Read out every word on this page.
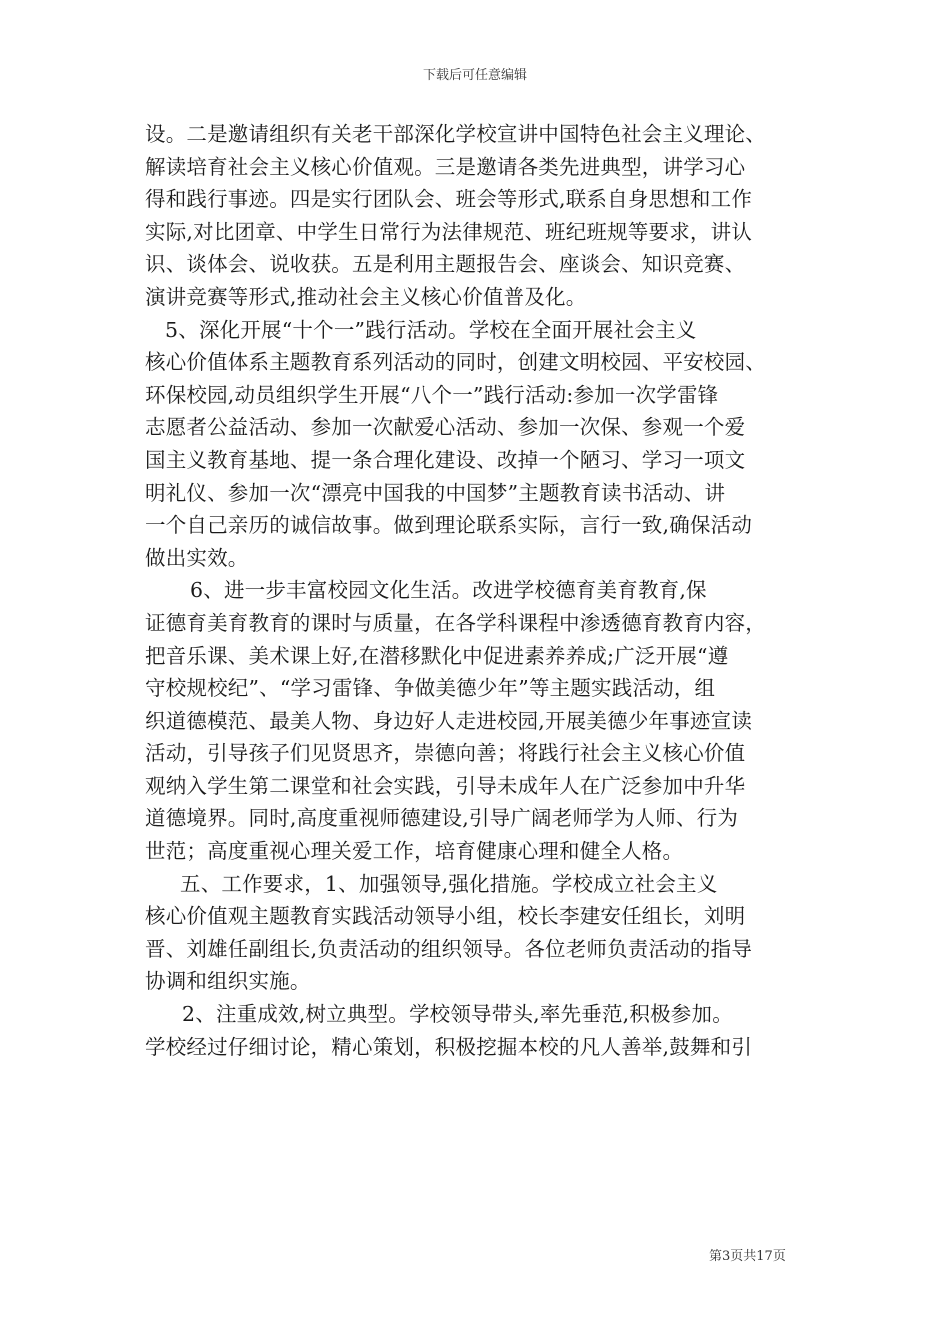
下载后可任意编辑
设。二是邀请组织有关老干部深化学校宣讲中国特色社会主义理论、
解读培育社会主义核心价值观。三是邀请各类先进典型，讲学习心
得和践行事迹。四是实行团队会、班会等形式,联系自身思想和工作
实际,对比团章、中学生日常行为法律规范、班纪班规等要求，讲认
识、谈体会、说收获。五是利用主题报告会、座谈会、知识竞赛、
演讲竞赛等形式,推动社会主义核心价值普及化。
5、深化开展“十个一”践行活动。学校在全面开展社会主义
核心价值体系主题教育系列活动的同时，创建文明校园、平安校园、
环保校园,动员组织学生开展“八个一”践行活动:参加一次学雷锋
志愿者公益活动、参加一次献爱心活动、参加一次保、参观一个爱
国主义教育基地、提一条合理化建设、改掉一个陋习、学习一项文
明礼仪、参加一次“漂亮中国我的中国梦”主题教育读书活动、讲
一个自己亲历的诚信故事。做到理论联系实际，言行一致,确保活动
做出实效。
6、进一步丰富校园文化生活。改进学校德育美育教育,保
证德育美育教育的课时与质量，在各学科课程中渗透德育教育内容，
把音乐课、美术课上好,在潜移默化中促进素养养成;广泛开展“遵
守校规校纪”、“学习雷锋、争做美德少年”等主题实践活动，组
织道德模范、最美人物、身边好人走进校园,开展美德少年事迹宣读
活动，引导孩子们见贤思齐，崇德向善；将践行社会主义核心价值
观纳入学生第二课堂和社会实践，引导未成年人在广泛参加中升华
道德境界。同时,高度重视师德建设,引导广阔老师学为人师、行为
世范；高度重视心理关爱工作，培育健康心理和健全人格。
五、工作要求，1、加强领导,强化措施。学校成立社会主义
核心价值观主题教育实践活动领导小组，校长李建安任组长，刘明
晋、刘雄任副组长,负责活动的组织领导。各位老师负责活动的指导
协调和组织实施。
2、注重成效,树立典型。学校领导带头,率先垂范,积极参加。
学校经过仔细讨论，精心策划，积极挖掘本校的凡人善举,鼓舞和引
第3页共17页
